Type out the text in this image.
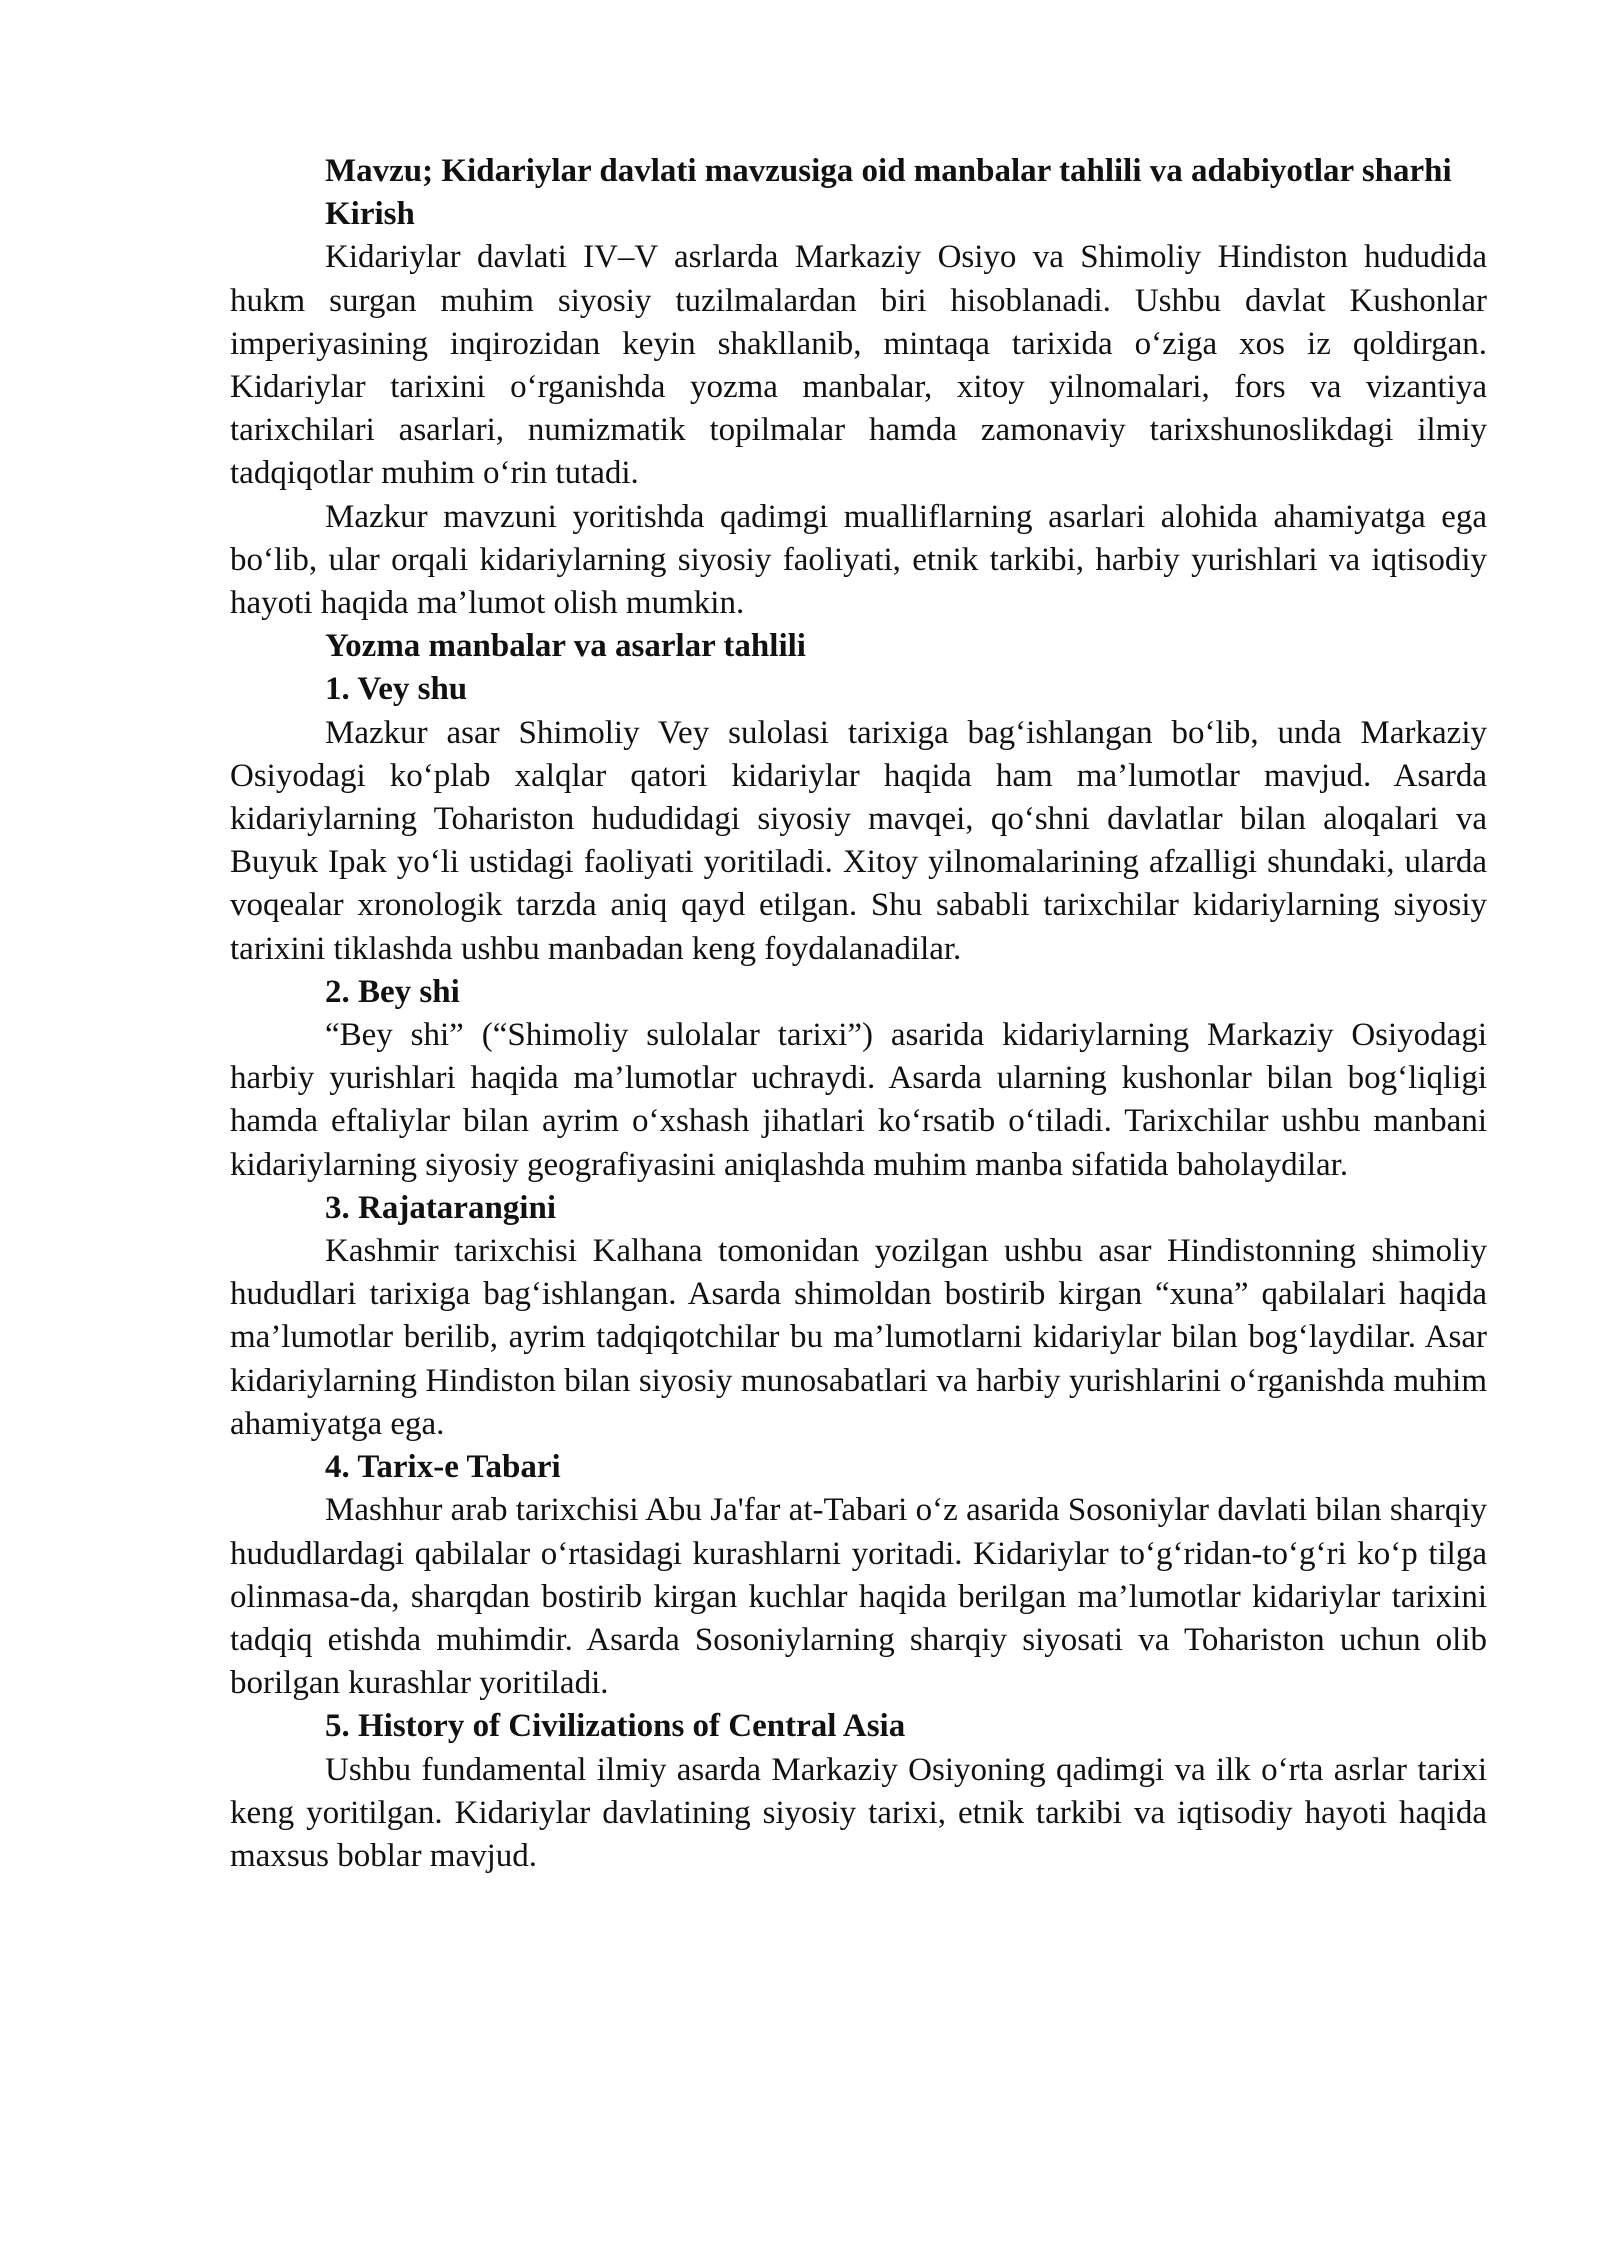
Mavzu; Kidariylar davlati mavzusiga oid manbalar tahlili va adabiyotlar sharhi

Kirish

Kidariylar davlati IV–V asrlarda Markaziy Osiyo va Shimoliy Hindiston hududida hukm surgan muhim siyosiy tuzilmalardan biri hisoblanadi. Ushbu davlat Kushonlar imperiyasining inqirozidan keyin shakllanib, mintaqa tarixida o‘ziga xos iz qoldirgan. Kidariylar tarixini o‘rganishda yozma manbalar, xitoy yilnomalari, fors va vizantiya tarixchilari asarlari, numizmatik topilmalar hamda zamonaviy tarixshunoslikdagi ilmiy tadqiqotlar muhim o‘rin tutadi.

Mazkur mavzuni yoritishda qadimgi mualliflarning asarlari alohida ahamiyatga ega bo‘lib, ular orqali kidariylarning siyosiy faoliyati, etnik tarkibi, harbiy yurishlari va iqtisodiy hayoti haqida ma’lumot olish mumkin.

Yozma manbalar va asarlar tahlili

1. Vey shu

Mazkur asar Shimoliy Vey sulolasi tarixiga bag‘ishlangan bo‘lib, unda Markaziy Osiyodagi ko‘plab xalqlar qatori kidariylar haqida ham ma’lumotlar mavjud. Asarda kidariylarning Tohariston hududidagi siyosiy mavqei, qo‘shni davlatlar bilan aloqalari va Buyuk Ipak yo‘li ustidagi faoliyati yoritiladi. Xitoy yilnomalarining afzalligi shundaki, ularda voqealar xronologik tarzda aniq qayd etilgan. Shu sababli tarixchilar kidariylarning siyosiy tarixini tiklashda ushbu manbadan keng foydalanadilar.

2. Bey shi

“Bey shi” (“Shimoliy sulolalar tarixi”) asarida kidariylarning Markaziy Osiyodagi harbiy yurishlari haqida ma’lumotlar uchraydi. Asarda ularning kushonlar bilan bog‘liqligi hamda eftaliylar bilan ayrim o‘xshash jihatlari ko‘rsatib o‘tiladi. Tarixchilar ushbu manbani kidariylarning siyosiy geografiyasini aniqlashda muhim manba sifatida baholaydilar.

3. Rajatarangini

Kashmir tarixchisi Kalhana tomonidan yozilgan ushbu asar Hindistonning shimoliy hududlari tarixiga bag‘ishlangan. Asarda shimoldan bostirib kirgan “xuna” qabilalari haqida ma’lumotlar berilib, ayrim tadqiqotchilar bu ma’lumotlarni kidariylar bilan bog‘laydilar. Asar kidariylarning Hindiston bilan siyosiy munosabatlari va harbiy yurishlarini o‘rganishda muhim ahamiyatga ega.

4. Tarix-e Tabari

Mashhur arab tarixchisi Abu Ja'far at-Tabari o‘z asarida Sosoniylar davlati bilan sharqiy hududlardagi qabilalar o‘rtasidagi kurashlarni yoritadi. Kidariylar to‘g‘ridan-to‘g‘ri ko‘p tilga olinmasa-da, sharqdan bostirib kirgan kuchlar haqida berilgan ma’lumotlar kidariylar tarixini tadqiq etishda muhimdir. Asarda Sosoniylarning sharqiy siyosati va Tohariston uchun olib borilgan kurashlar yoritiladi.

5. History of Civilizations of Central Asia

Ushbu fundamental ilmiy asarda Markaziy Osiyoning qadimgi va ilk o‘rta asrlar tarixi keng yoritilgan. Kidariylar davlatining siyosiy tarixi, etnik tarkibi va iqtisodiy hayoti haqida maxsus boblar mavjud.
